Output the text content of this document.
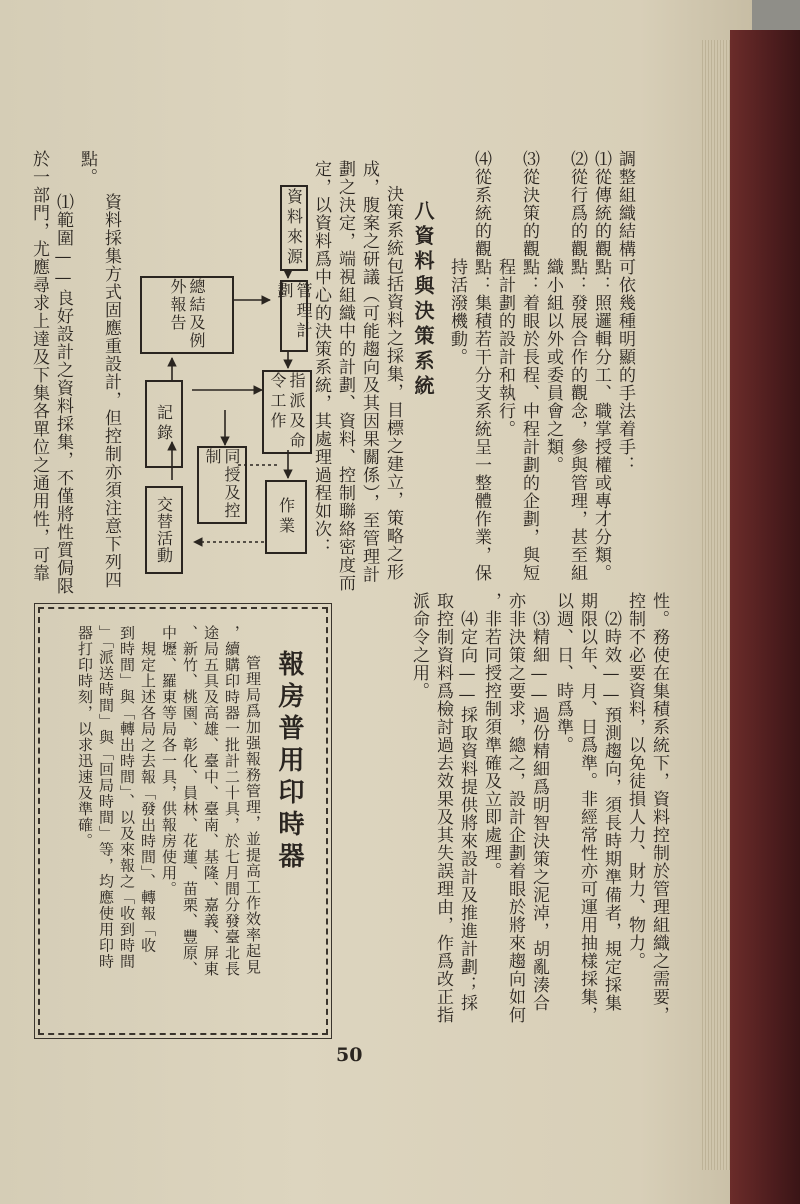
調整組織結構可依幾種明顯的手法着手：
⑴從傳統的觀點：照邏輯分工、職掌授權或專才分類。
⑵從行爲的觀點：發展合作的觀念，參與管理，甚至組
　　　　　　織小組以外或委員會之類。
⑶從決策的觀點：着眼於長程、中程計劃的企劃，與短
　　　　　　程計劃的設計和執行。
⑷從系統的觀點：集積若干分支系統呈一整體作業，保
　　　　　　持活潑機動。
八資料與決策系統
決策系統包括資料之採集，目標之建立，策略之形
成，腹案之研議（可能趨向及其因果關係），至管理計
劃之決定，端視組織中的計劃、資料、控制聯絡密度而
定，以資料爲中心的決策系統，其處理過程如次：
資料來源
管理計劃
指派及命令工作
作業
總結及例外報告
記錄
同授及控制
交替活動
點。
　資料採集方式固應重設計，但控制亦須注意下列四
　⑴範圍——良好設計之資料採集，不僅將性質侷限
於一部門，尤應尋求上達及下集各單位之通用性，可靠
性。務使在集積系統下，資料控制於管理組織之需要，
控制不必要資料，以免徒損人力、財力、物力。
　⑵時效——預測趨向，須長時期準備者，規定採集
期限以年、月、日爲準。非經常性亦可運用抽樣採集，
以週、日、時爲準。
　⑶精細——過份精細爲明智決策之泥淖，胡亂湊合
亦非決策之要求，總之，設計企劃着眼於將來趨向如何
，非若同授控制須準確及立即處理。
　⑷定向——採取資料提供將來設計及推進計劃；採
取控制資料爲檢討過去效果及其失誤理由，作爲改正指
派命令之用。
報房普用印時器
管理局爲加强報務管理，並提高工作效率起見
，續購印時器一批計二十具，於七月間分發臺北長
途局五具及高雄、臺中、臺南、基隆、嘉義、屏東
、新竹、桃園、彰化、員林、花蓮、苗栗、豐原、
中壢、羅東等局各一具，供報房使用。
　規定上述各局之去報「發出時間」、轉報「收
到時間」與「轉出時間」、以及來報之「收到時間
」「派送時間」與「回局時間」等，均應使用印時
器打印時刻，以求迅速及準確。
50
